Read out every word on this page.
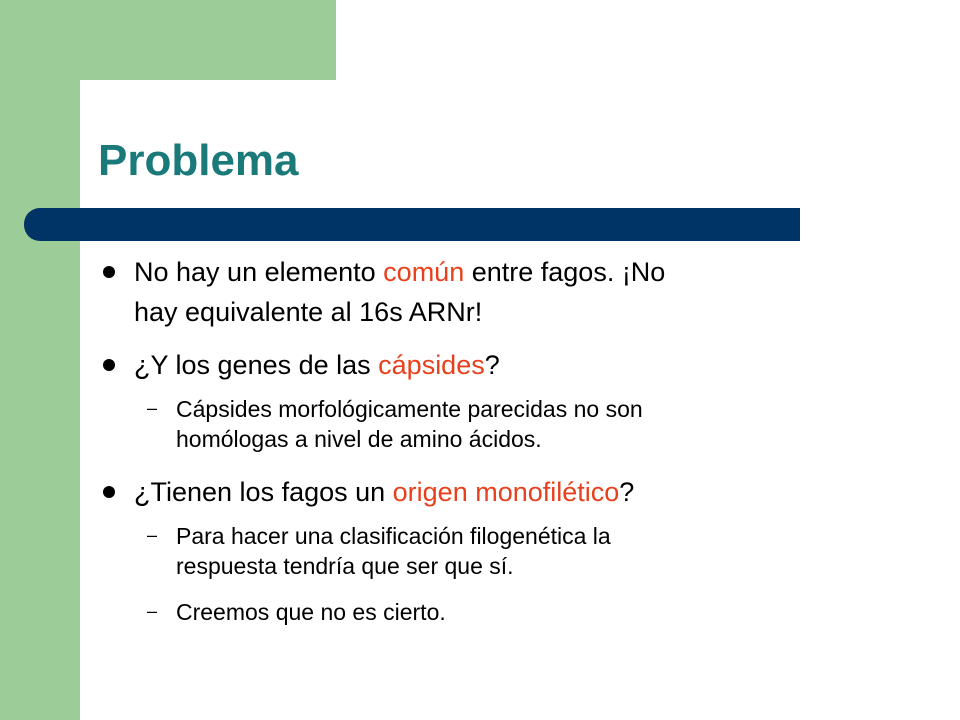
Problema
No hay un elemento común entre fagos. ¡No
hay equivalente al 16s ARNr!
¿Y los genes de las cápsides?
– Cápsides morfológicamente parecidas no son
homólogas a nivel de amino ácidos.
¿Tienen los fagos un origen monofilético?
– Para hacer una clasificación filogenética la
respuesta tendría que ser que sí.
– Creemos que no es cierto.
